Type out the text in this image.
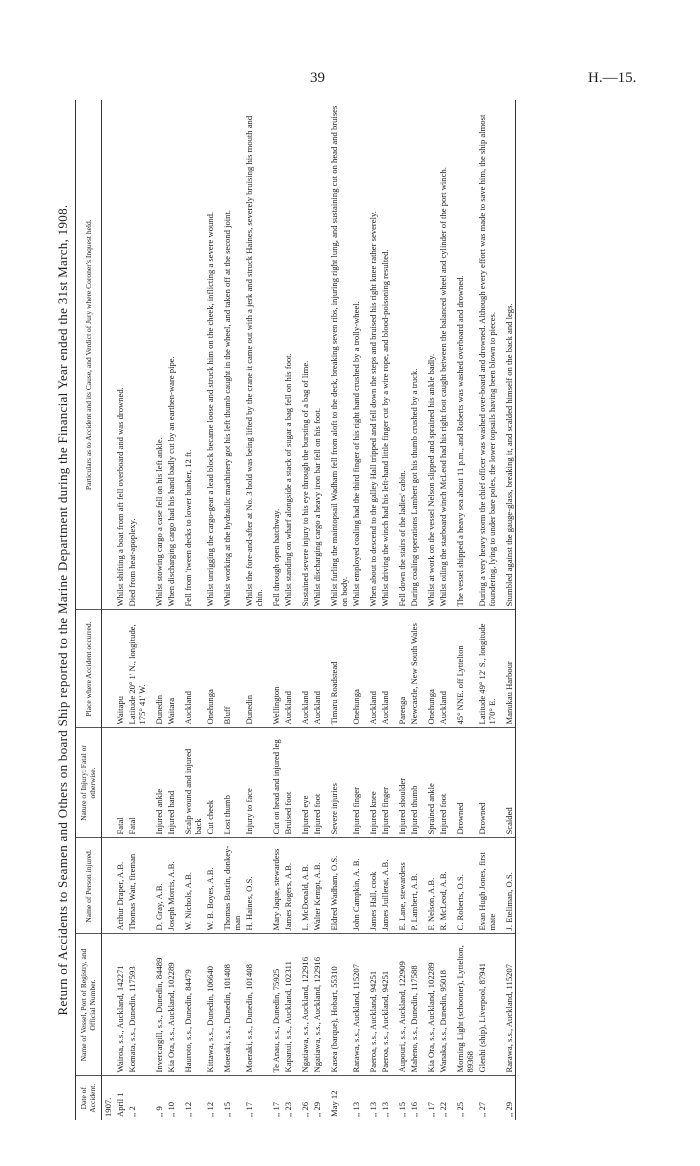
39	H.—15.
Return of Accidents to Seamen and Others on board Ship reported to the Marine Department during the Financial Year ended the 31st March, 1908.
Date of Accident.	Name of Vessel, Port of Registry, and Official Number.	Name of Person injured.	Nature of Injury: Fatal or otherwise.	Place where Accident occurred.	Particulars as to Accident and its Cause, and Verdict of Jury where Coroner's Inquest held.
1907.					
April 1	Wairoa, s.s., Auckland, 142271	Arthur Draper, A.B.	Fatal	Waitapu	Whilst shifting a boat from aft fell overboard and was drowned.
,, 2	Komata, s.s., Dunedin, 117593	Thomas Watt, fireman	Fatal	Latitude 20° 1' N., longitude, 175° 41' W.	Died from heat-apoplexy.
,, 9	Invercargill, s.s., Dunedin, 84489	D. Gray, A.B.	Injured ankle	Dunedin	Whilst stowing cargo a case fell on his left ankle.
,, 10	Kia Ora, s.s., Auckland, 102289	Joseph Morris, A.B.	Injured hand	Waitara	When discharging cargo had his hand badly cut by an earthen-ware pipe.
,, 12	Hauroto, s.s., Dunedin, 84479	W. Nichols, A.B.	Scalp wound and injured back	Auckland	Fell from 'tween decks to lower bunker, 12 ft.
,, 12	Kittawa, s.s., Dunedin, 106640	W. B. Boyes, A.B.	Cut cheek	Onehunga	Whilst unrigging the cargo-gear a lead block became loose and struck him on the cheek, inflicting a severe wound.
,, 15	Moeraki, s.s., Dunedin, 101408	Thomas Bustin, donkey-man	Lost thumb	Bluff	Whilst working at the hydraulic machinery got his left thumb caught in the wheel, and taken off at the second joint.
,, 17	Moeraki, s.s., Dunedin, 101408	H. Haines, O.S.	Injury to face	Dunedin	Whilst the fore-and-after at No. 3 hold was being lifted by the crane it came out with a jerk and struck Haines, severely bruising his mouth and chin.
,, 17	Te Anau, s.s., Dunedin, 75925	Mary Jaque, stewardess	Cut on head and injured leg	Wellington	Fell through open hatchway.
,, 23	Kapanui, s.s., Auckland, 102311	James Rogers, A.B.	Bruised foot	Auckland	Whilst standing on wharf alongside a stack of sugar a bag fell on his foot.
,, 26	Ngatiawa, s.s., Auckland, 122916	L. McDonald, A.B.	Injured eye	Auckland	Sustained severe injury to his eye through the bursting of a bag of lime.
,, 29	Ngatiawa, s.s., Auckland, 122916	Walter Kempt, A.B.	Injured foot	Auckland	Whilst discharging cargo a heavy iron bar fell on his foot.
May 12	Kasea (barque), Hobart, 55310	Eldred Wadham, O.S.	Severe injuries	Timaru Roadstead	Whilst furling the maintopsail Wadham fell from aloft to the deck, breaking seven ribs, injuring right lung, and sustaining cut on head and bruises on body.
,, 13	Rarawa, s.s., Auckland, 115207	John Campkin, A. B.	Injured finger	Onehunga	Whilst employed coaling had the third finger of his right hand crushed by a trolly-wheel.
,, 13	Paeroa, s.s., Auckland, 94251	James Hall, cook	Injured knee	Auckland	When about to descend to the galley Hall tripped and fell down the steps and bruised his right knee rather severely.
,, 13	Paeroa, s.s., Auckland, 94251	James Juillerat, A.B.	Injured finger	Auckland	Whilst driving the winch had his left-hand little finger cut by a wire rope, and blood-poisoning resulted.
,, 15	Aupouri, s.s., Auckland, 122909	E. Lane, stewardess	Injured shoulder	Parenga	Fell down the stairs of the ladies' cabin.
,, 16	Maheno, s.s., Dunedin, 117588	P. Lambert, A.B.	Injured thumb	Newcastle, New South Wales	During coaling operations Lambert got his thumb crushed by a truck.
,, 17	Kia Ora, s.s., Auckland, 102289	F. Nelson, A.B.	Sprained ankle	Onehunga	Whilst at work on the vessel Nelson slipped and sprained his ankle badly.
,, 22	Wanaka, s.s., Dunedin, 95018	R. McLeod, A.B.	Injured foot	Auckland	Whilst oiling the starboard winch McLeod had his right foot caught between the balanced wheel and cylinder of the port winch.
,, 25	Morning Light (schooner), Lyttelton, 89368	C. Roberts, O.S.	Drowned	45° NNE. off Lyttelton	The vessel shipped a heavy sea about 11 p.m., and Roberts was washed overboard and drowned.
,, 27	Glenhi (ship), Liverpool, 87941	Evan Hugh Jones, first mate	Drowned	Latitude 49° 12' S., longitude 170° E.	During a very heavy storm the chief officer was washed over-board and drowned. Although every effort was made to save him, the ship almost foundering, lying to under bare poles, the lower topsails having been blown to pieces.
,, 29	Rarawa, s.s., Auckland, 115207	J. Eteliman, O.S.	Scalded	Manukau Harbour	Stumbled against the gauge-glass, breaking it, and scalded himself on the back and legs.
